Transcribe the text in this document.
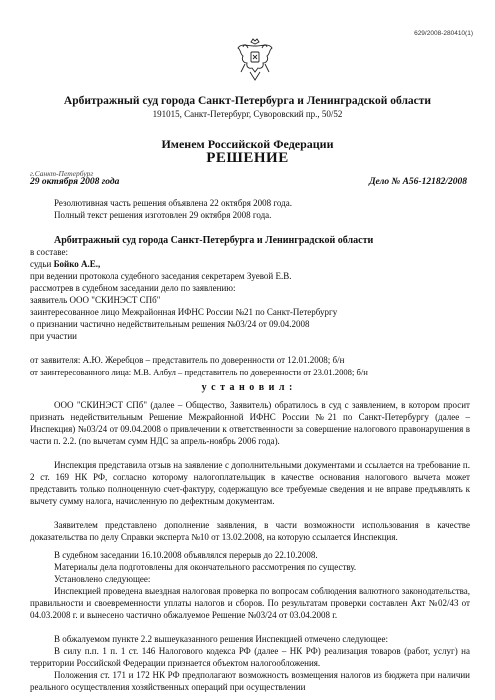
629/2008-280410(1)
Арбитражный суд города Санкт-Петербурга и Ленинградской области
191015, Санкт-Петербург, Суворовский пр., 50/52
Именем Российской Федерации
РЕШЕНИЕ
г.Санкт-Петербург
29 октября 2008 года	Дело № А56-12182/2008
Резолютивная часть решения объявлена 22 октября 2008 года.
Полный текст решения изготовлен 29 октября 2008 года.
Арбитражный суд города Санкт-Петербурга и Ленинградской области
в составе:
судьи Бойко А.Е.,
при ведении протокола судебного заседания секретарем Зуевой Е.В.
рассмотрев в судебном заседании дело по заявлению:
заявитель ООО "СКИНЭСТ СПб"
заинтересованное лицо Межрайонная ИФНС России №21 по Санкт-Петербургу
о признании частично недействительным решения №03/24 от 09.04.2008
при участии
от заявителя: А.Ю. Жеребцов – представитель по доверенности от 12.01.2008; б/н
от заинтересованного лица: М.В. Албул – представитель по доверенности от 23.01.2008; б/н
у с т а н о в и л :
ООО "СКИНЭСТ СПб" (далее – Общество, Заявитель) обратилось в суд с заявлением, в котором просит признать недействительным Решение Межрайонной ИФНС России №21 по Санкт-Петербургу (далее – Инспекция) №03/24 от 09.04.2008 о привлечении к ответственности за совершение налогового правонарушения в части п. 2.2. (по вычетам сумм НДС за апрель-ноябрь 2006 года).
Инспекция представила отзыв на заявление с дополнительными документами и ссылается на требование п. 2 ст. 169 НК РФ, согласно которому налогоплательщик в качестве основания налогового вычета может представить только полноценную счет-фактуру, содержащую все требуемые сведения и не вправе предъявлять к вычету сумму налога, начисленную по дефектным документам.
Заявителем представлено дополнение заявления, в части возможности использования в качестве доказательства по делу Справки эксперта №10 от 13.02.2008, на которую ссылается Инспекция.
В судебном заседании 16.10.2008 объявлялся перерыв до 22.10.2008.
Материалы дела подготовлены для окончательного рассмотрения по существу.
Установлено следующее:
Инспекцией проведена выездная налоговая проверка по вопросам соблюдения валютного законодательства, правильности и своевременности уплаты налогов и сборов. По результатам проверки составлен Акт №02/43 от 04.03.2008 г. и вынесено частично обжалуемое Решение №03/24 от 03.04.2008 г.
В обжалуемом пункте 2.2 вышеуказанного решения Инспекцией отмечено следующее:
В силу п.п. 1 п. 1 ст. 146 Налогового кодекса РФ (далее – НК РФ) реализация товаров (работ, услуг) на территории Российской Федерации признается объектом налогообложения.
Положения ст. 171 и 172 НК РФ предполагают возможность возмещения налогов из бюджета при наличии реального осуществления хозяйственных операций при осуществлении
